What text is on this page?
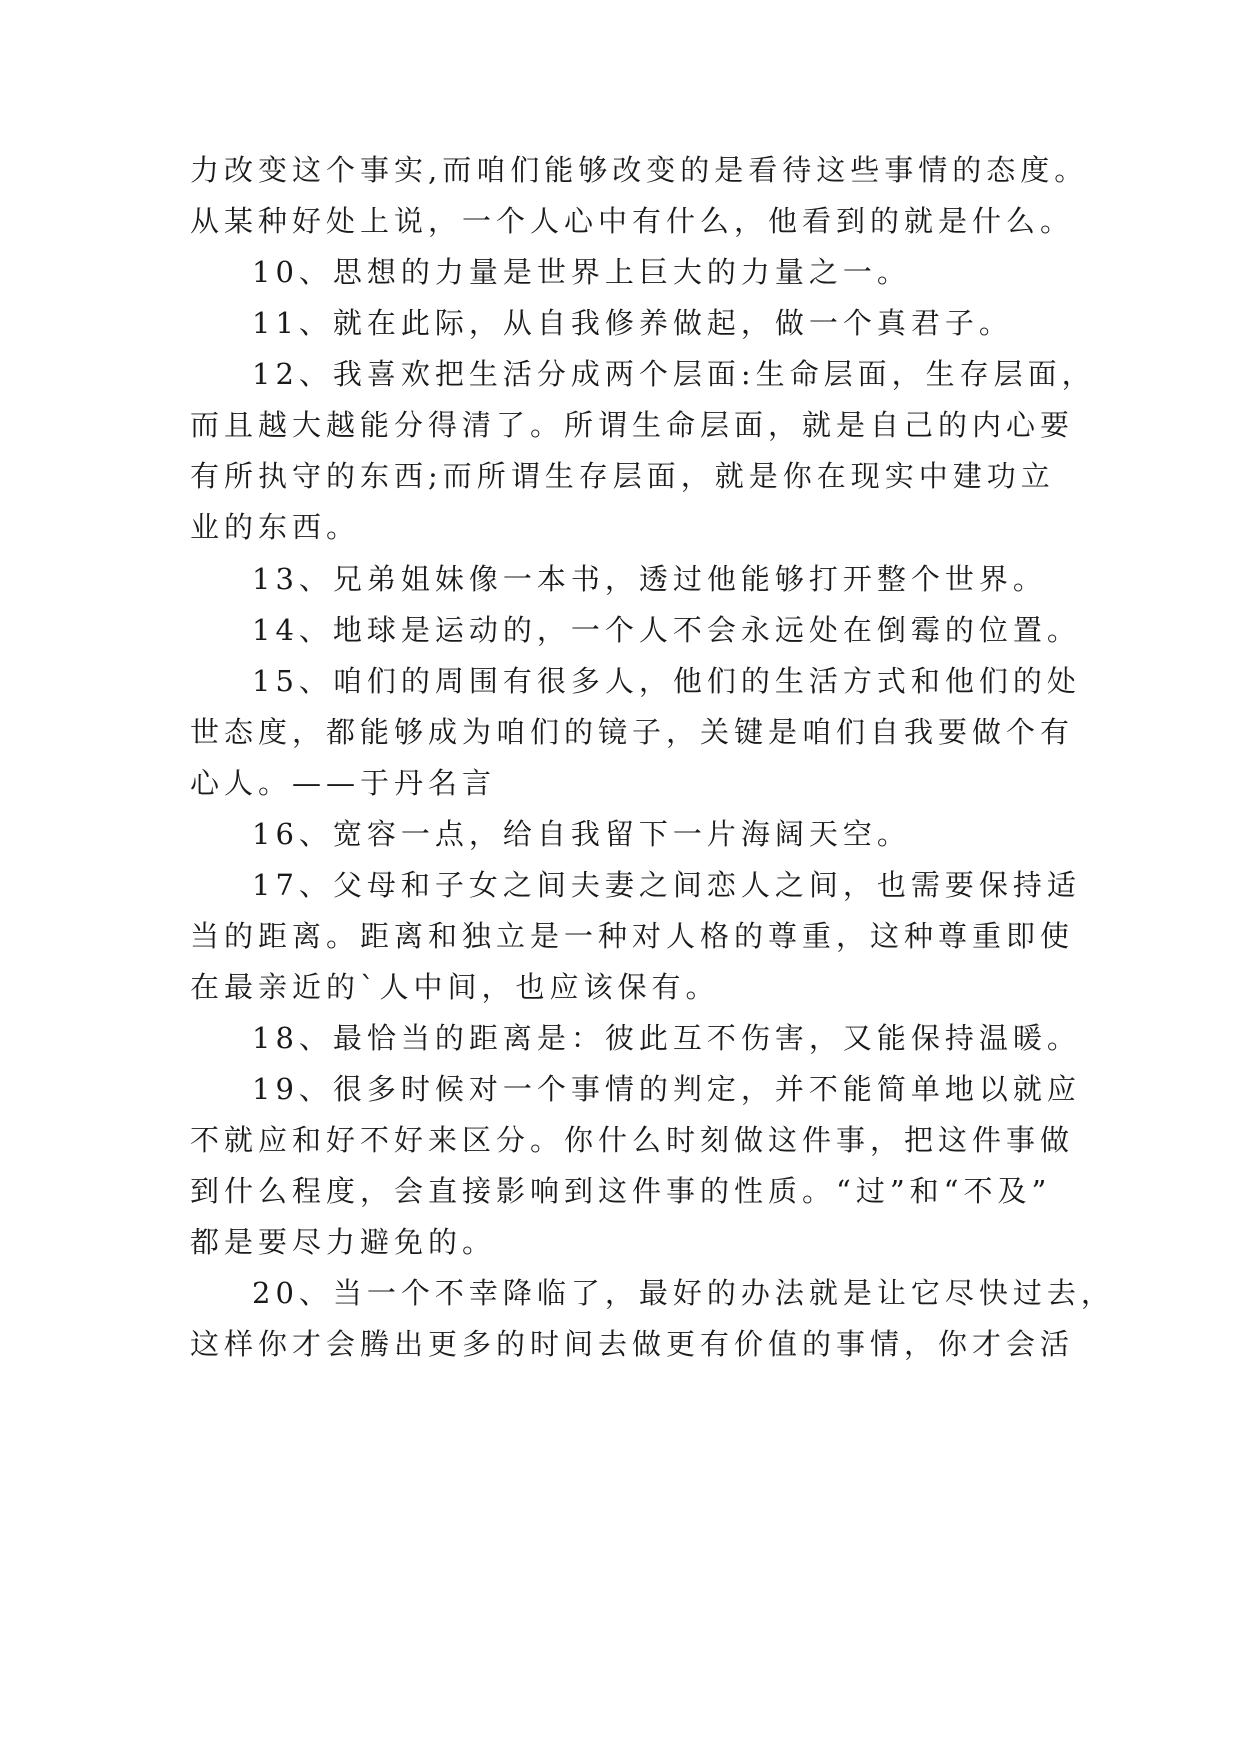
力改变这个事实,而咱们能够改变的是看待这些事情的态度。
从某种好处上说，一个人心中有什么，他看到的就是什么。
10、思想的力量是世界上巨大的力量之一。
11、就在此际，从自我修养做起，做一个真君子。
12、我喜欢把生活分成两个层面:生命层面，生存层面，
而且越大越能分得清了。所谓生命层面，就是自己的内心要
有所执守的东西;而所谓生存层面，就是你在现实中建功立
业的东西。
13、兄弟姐妹像一本书，透过他能够打开整个世界。
14、地球是运动的，一个人不会永远处在倒霉的位置。
15、咱们的周围有很多人，他们的生活方式和他们的处
世态度，都能够成为咱们的镜子，关键是咱们自我要做个有
心人。——于丹名言
16、宽容一点，给自我留下一片海阔天空。
17、父母和子女之间夫妻之间恋人之间，也需要保持适
当的距离。距离和独立是一种对人格的尊重，这种尊重即使
在最亲近的`人中间，也应该保有。
18、最恰当的距离是：彼此互不伤害，又能保持温暖。
19、很多时候对一个事情的判定，并不能简单地以就应
不就应和好不好来区分。你什么时刻做这件事，把这件事做
到什么程度，会直接影响到这件事的性质。“过”和“不及”
都是要尽力避免的。
20、当一个不幸降临了，最好的办法就是让它尽快过去，
这样你才会腾出更多的时间去做更有价值的事情，你才会活
